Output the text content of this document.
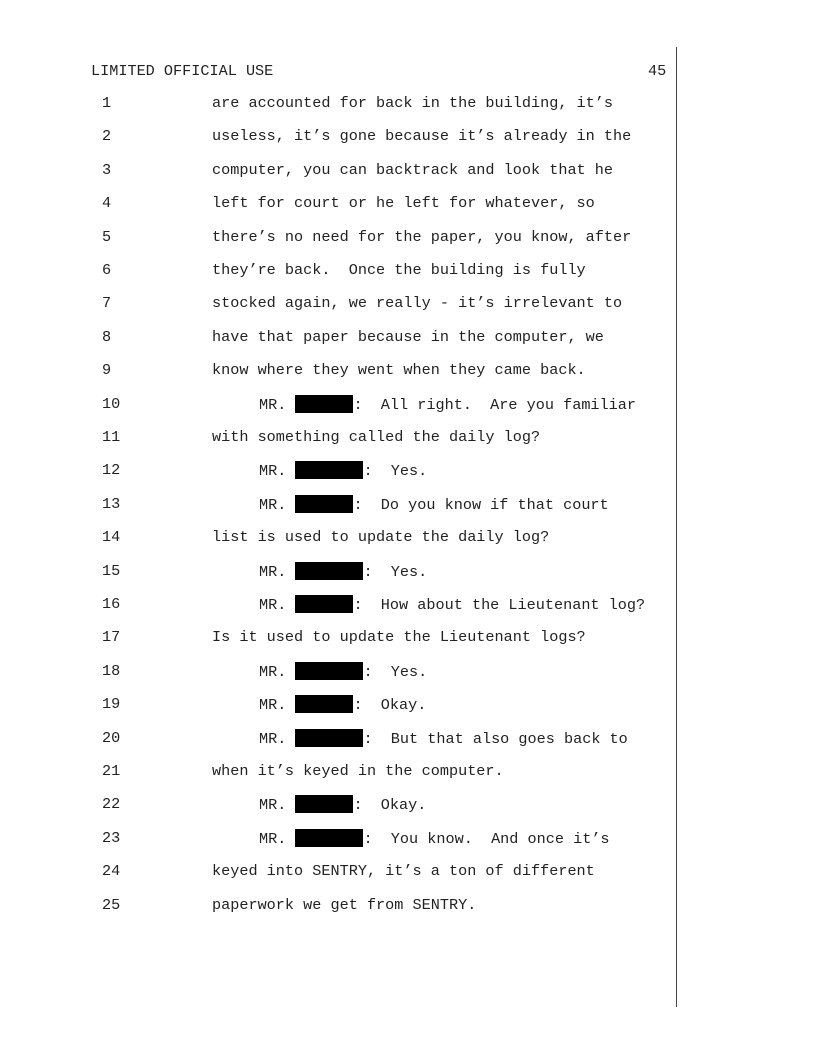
LIMITED OFFICIAL USE	45
1	are accounted for back in the building, it’s
2	useless, it’s gone because it’s already in the
3	computer, you can backtrack and look that he
4	left for court or he left for whatever, so
5	there’s no need for the paper, you know, after
6	they’re back.  Once the building is fully
7	stocked again, we really - it’s irrelevant to
8	have that paper because in the computer, we
9	know where they went when they came back.
10	MR.	:  All right.  Are you familiar
11	with something called the daily log?
12	MR.	:  Yes.
13	MR.	:  Do you know if that court
14	list is used to update the daily log?
15	MR.	:  Yes.
16	MR.	:  How about the Lieutenant log?
17	Is it used to update the Lieutenant logs?
18	MR.	:  Yes.
19	MR.	:  Okay.
20	MR.	:  But that also goes back to
21	when it’s keyed in the computer.
22	MR.	:  Okay.
23	MR.	:  You know.  And once it’s
24	keyed into SENTRY, it’s a ton of different
25	paperwork we get from SENTRY.
